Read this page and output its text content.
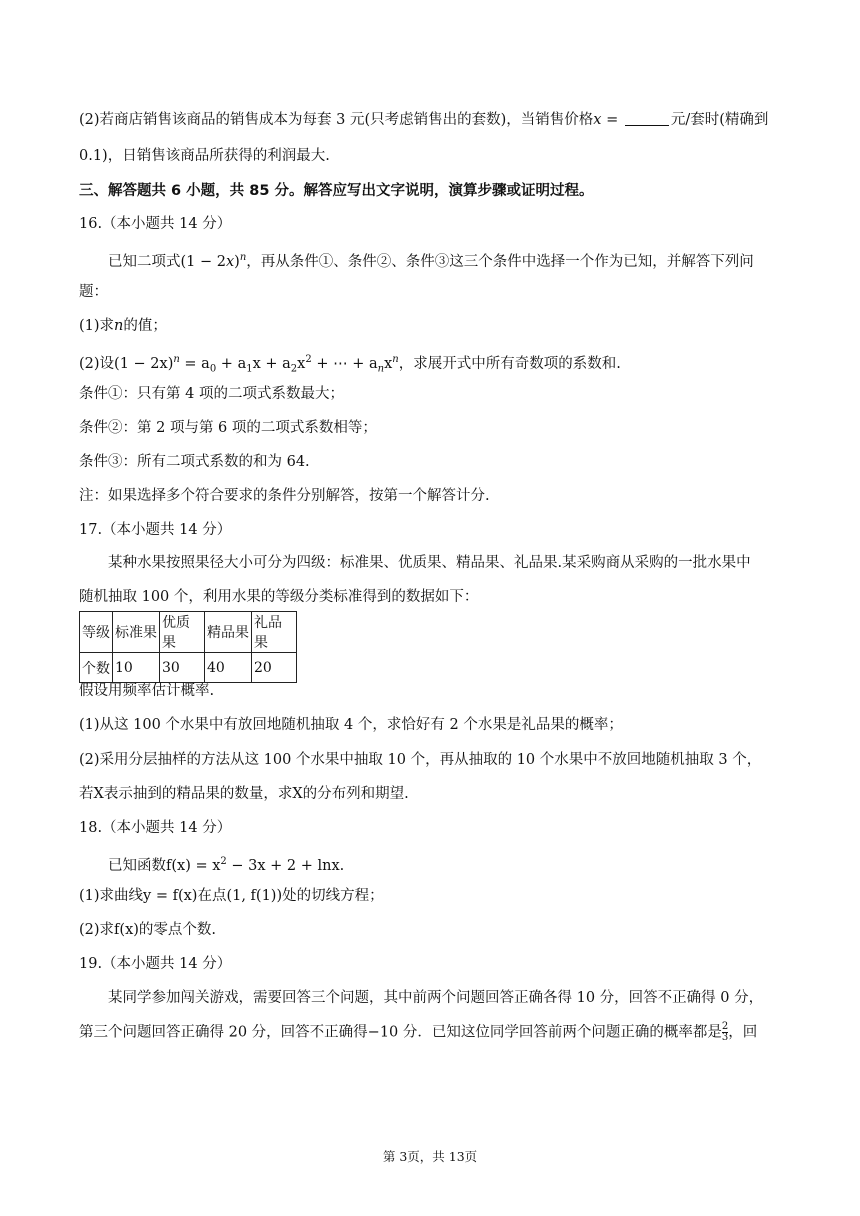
(2)若商店销售该商品的销售成本为每套 3 元(只考虑销售出的套数)，当销售价格x =	元/套时(精确到
0.1)，日销售该商品所获得的利润最大.
三、解答题共 6 小题，共 85 分。解答应写出文字说明，演算步骤或证明过程。
16.（本小题共 14 分）
已知二项式$(1 - 2x)^n$，再从条件①、条件②、条件③这三个条件中选择一个作为已知，并解答下列问
题：
(1)求n的值；
(2)设$(1 - 2x)^n = a_0 + a_1x + a_2x^2$ + ⋯ + $a_nx^n$，求展开式中所有奇数项的系数和.
条件①：只有第 4 项的二项式系数最大；
条件②：第 2 项与第 6 项的二项式系数相等；
条件③：所有二项式系数的和为 64.
注：如果选择多个符合要求的条件分别解答，按第一个解答计分.
17.（本小题共 14 分）
某种水果按照果径大小可分为四级：标准果、优质果、精品果、礼品果.某采购商从采购的一批水果中
随机抽取 100 个，利用水果的等级分类标准得到的数据如下：
等级	标准果	优质果	精品果	礼品果
个数	10	30	40	20
假设用频率估计概率.
(1)从这 100 个水果中有放回地随机抽取 4 个，求恰好有 2 个水果是礼品果的概率；
(2)采用分层抽样的方法从这 100 个水果中抽取 10 个，再从抽取的 10 个水果中不放回地随机抽取 3 个，
若X表示抽到的精品果的数量，求X的分布列和期望.
18.（本小题共 14 分）
已知函数$f(x) = x^2 - 3x + 2 + \ln x$.
(1)求曲线y = f(x)在点(1, f(1))处的切线方程；
(2)求f(x)的零点个数.
19.（本小题共 14 分）
某同学参加闯关游戏，需要回答三个问题，其中前两个问题回答正确各得 10 分，回答不正确得 0 分，
第三个问题回答正确得 20 分，回答不正确得−10 分．已知这位同学回答前两个问题正确的概率都是 $\frac{2}{3}$ ，回
第 3页，共 13页
